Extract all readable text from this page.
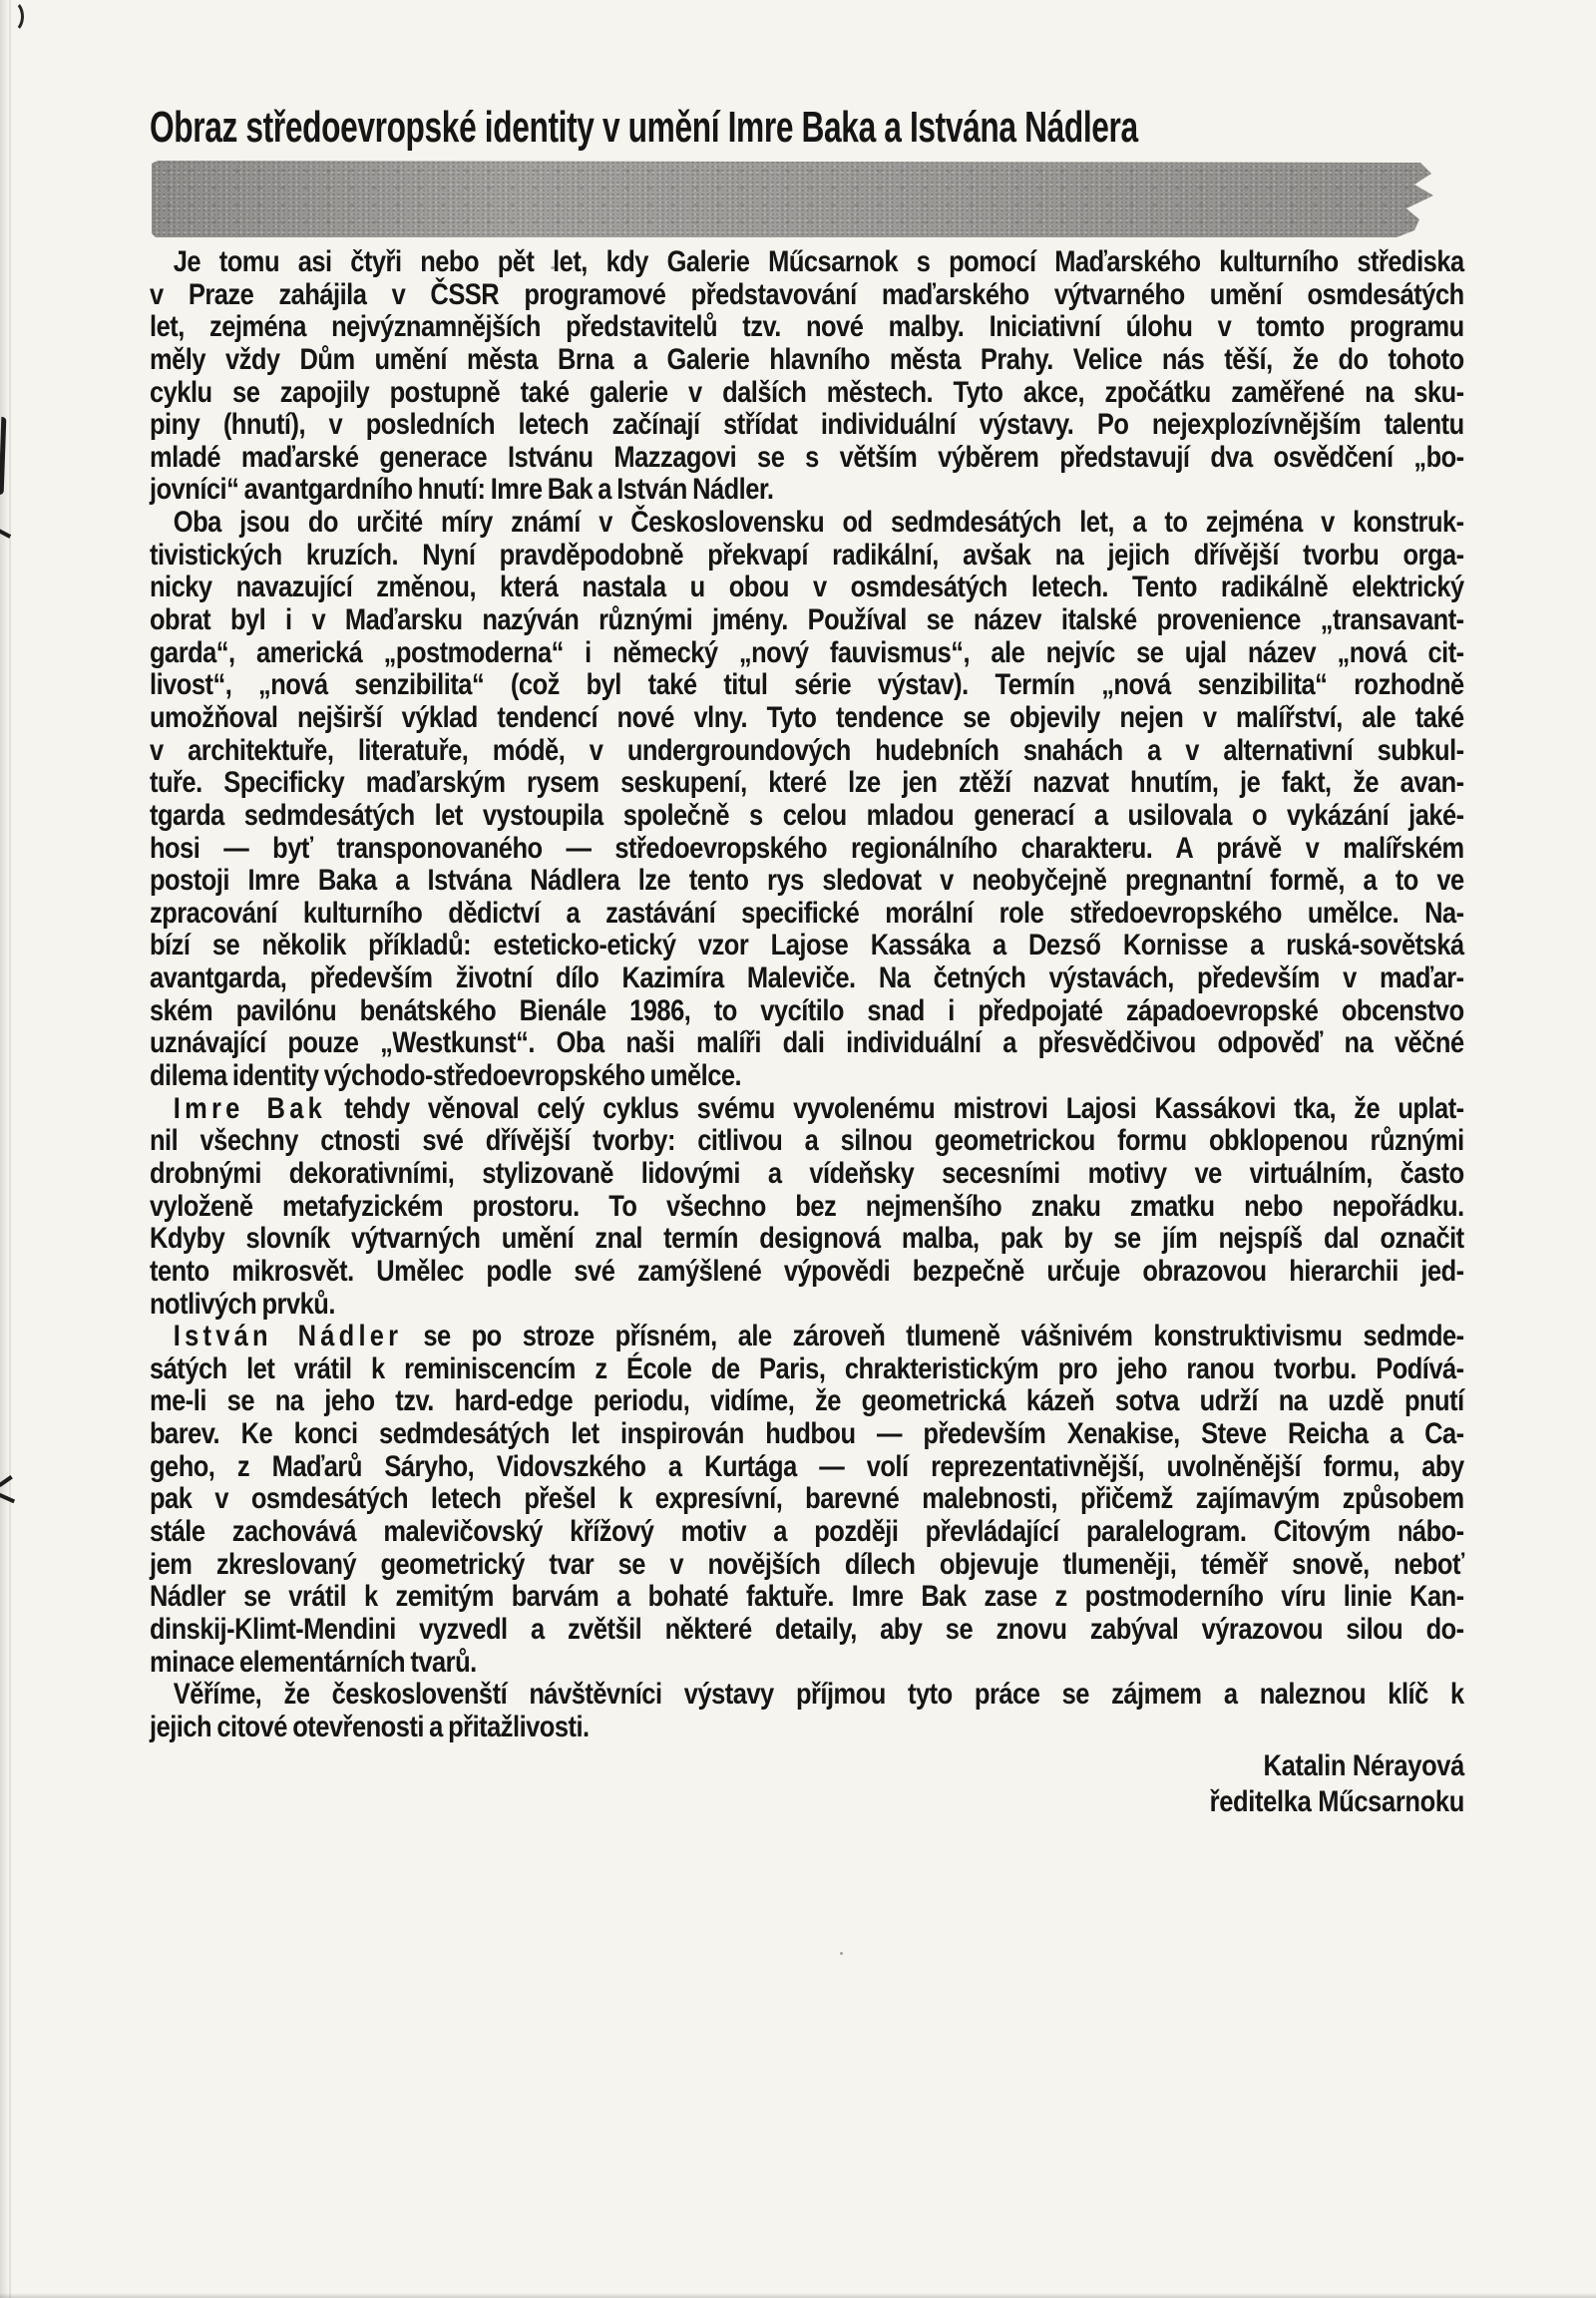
Obraz středoevropské identity v umění Imre Baka a Istvána Nádlera
Je tomu asi čtyři nebo pět let, kdy Galerie Műcsarnok s pomocí Maďarského kulturního střediska
v Praze zahájila v ČSSR programové představování maďarského výtvarného umění osmdesátých
let, zejména nejvýznamnějších představitelů tzv. nové malby. Iniciativní úlohu v tomto programu
měly vždy Dům umění města Brna a Galerie hlavního města Prahy. Velice nás těší, že do tohoto
cyklu se zapojily postupně také galerie v dalších městech. Tyto akce, zpočátku zaměřené na sku-
piny (hnutí), v posledních letech začínají střídat individuální výstavy. Po nejexplozívnějším talentu
mladé maďarské generace Istvánu Mazzagovi se s větším výběrem představují dva osvědčení „bo-
jovníci“ avantgardního hnutí: Imre Bak a István Nádler.
Oba jsou do určité míry známí v Československu od sedmdesátých let, a to zejména v konstruk-
tivistických kruzích. Nyní pravděpodobně překvapí radikální, avšak na jejich dřívější tvorbu orga-
nicky navazující změnou, která nastala u obou v osmdesátých letech. Tento radikálně elektrický
obrat byl i v Maďarsku nazýván různými jmény. Používal se název italské provenience „transavant-
garda“, americká „postmoderna“ i německý „nový fauvismus“, ale nejvíc se ujal název „nová cit-
livost“, „nová senzibilita“ (což byl také titul série výstav). Termín „nová senzibilita“ rozhodně
umožňoval nejširší výklad tendencí nové vlny. Tyto tendence se objevily nejen v malířství, ale také
v architektuře, literatuře, módě, v undergroundových hudebních snahách a v alternativní subkul-
tuře. Specificky maďarským rysem seskupení, které lze jen ztěží nazvat hnutím, je fakt, že avan-
tgarda sedmdesátých let vystoupila společně s celou mladou generací a usilovala o vykázání jaké-
hosi — byť transponovaného — středoevropského regionálního charakteru. A právě v malířském
postoji Imre Baka a Istvána Nádlera lze tento rys sledovat v neobyčejně pregnantní formě, a to ve
zpracování kulturního dědictví a zastávání specifické morální role středoevropského umělce. Na-
bízí se několik příkladů: esteticko-etický vzor Lajose Kassáka a Dezső Kornisse a ruská-sovětská
avantgarda, především životní dílo Kazimíra Maleviče. Na četných výstavách, především v maďar-
ském pavilónu benátského Bienále 1986, to vycítilo snad i předpojaté západoevropské obcenstvo
uznávající pouze „Westkunst“. Oba naši malíři dali individuální a přesvědčivou odpověď na věčné
dilema identity východo-středoevropského umělce.
Imre Bak tehdy věnoval celý cyklus svému vyvolenému mistrovi Lajosi Kassákovi tka, že uplat-
nil všechny ctnosti své dřívější tvorby: citlivou a silnou geometrickou formu obklopenou různými
drobnými dekorativními, stylizovaně lidovými a vídeňsky secesními motivy ve virtuálním, často
vyloženě metafyzickém prostoru. To všechno bez nejmenšího znaku zmatku nebo nepořádku.
Kdyby slovník výtvarných umění znal termín designová malba, pak by se jím nejspíš dal označit
tento mikrosvět. Umělec podle své zamýšlené výpovědi bezpečně určuje obrazovou hierarchii jed-
notlivých prvků.
István Nádler se po stroze přísném, ale zároveň tlumeně vášnivém konstruktivismu sedmde-
sátých let vrátil k reminiscencím z École de Paris, chrakteristickým pro jeho ranou tvorbu. Podívá-
me-li se na jeho tzv. hard-edge periodu, vidíme, že geometrická kázeň sotva udrží na uzdě pnutí
barev. Ke konci sedmdesátých let inspirován hudbou — především Xenakise, Steve Reicha a Ca-
geho, z Maďarů Sáryho, Vidovszkého a Kurtága — volí reprezentativnější, uvolněnější formu, aby
pak v osmdesátých letech přešel k expresívní, barevné malebnosti, přičemž zajímavým způsobem
stále zachovává malevičovský křížový motiv a později převládající paralelogram. Citovým nábo-
jem zkreslovaný geometrický tvar se v novějších dílech objevuje tlumeněji, téměř snově, neboť
Nádler se vrátil k zemitým barvám a bohaté faktuře. Imre Bak zase z postmoderního víru linie Kan-
dinskij-Klimt-Mendini vyzvedl a zvětšil některé detaily, aby se znovu zabýval výrazovou silou do-
minace elementárních tvarů.
Věříme, že českoslovenští návštěvníci výstavy příjmou tyto práce se zájmem a naleznou klíč k
jejich citové otevřenosti a přitažlivosti.
Katalin Nérayová
ředitelka Műcsarnoku
